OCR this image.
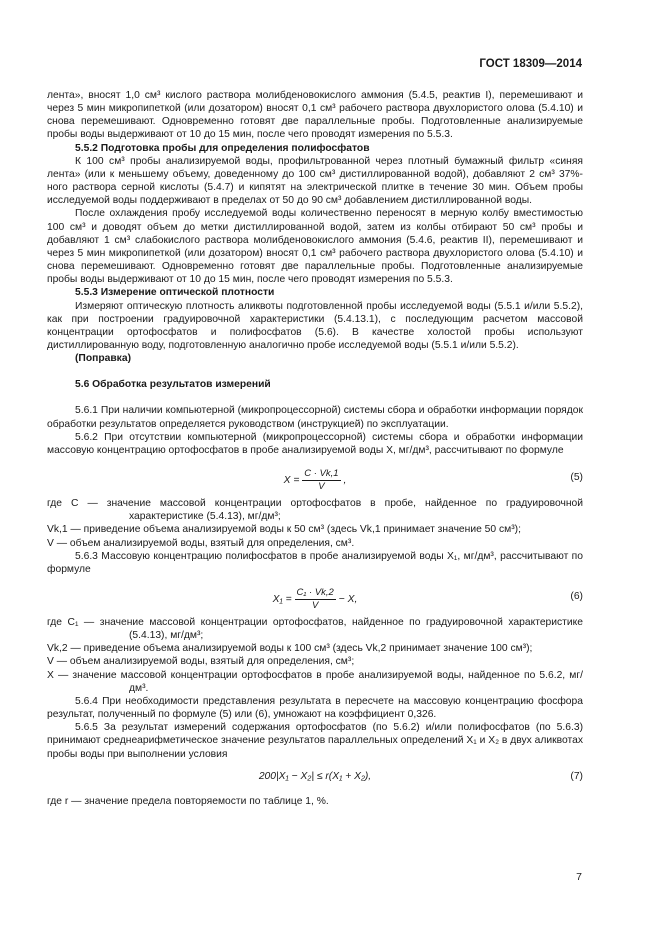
ГОСТ 18309—2014

лента», вносят 1,0 см³ кислого раствора молибденовокислого аммония (5.4.5, реактив I), перемешивают и через 5 мин микропипеткой (или дозатором) вносят 0,1 см³ рабочего раствора двухлористого олова (5.4.10) и снова перемешивают. Одновременно готовят две параллельные пробы. Подготовленные анализируемые пробы воды выдерживают от 10 до 15 мин, после чего проводят измерения по 5.5.3.

5.5.2 Подготовка пробы для определения полифосфатов

К 100 см³ пробы анализируемой воды, профильтрованной через плотный бумажный фильтр «синяя лента» (или к меньшему объему, доведенному до 100 см³ дистиллированной водой), добавляют 2 см³ 37%-ного раствора серной кислоты (5.4.7) и кипятят на электрической плитке в течение 30 мин. Объем пробы исследуемой воды поддерживают в пределах от 50 до 90 см³ добавлением дистиллированной воды.

После охлаждения пробу исследуемой воды количественно переносят в мерную колбу вместимостью 100 см³ и доводят объем до метки дистиллированной водой, затем из колбы отбирают 50 см³ пробы и добавляют 1 см³ слабокислого раствора молибденовокислого аммония (5.4.6, реактив II), перемешивают и через 5 мин микропипеткой (или дозатором) вносят 0,1 см³ рабочего раствора двухлористого олова (5.4.10) и снова перемешивают. Одновременно готовят две параллельные пробы. Подготовленные анализируемые пробы воды выдерживают от 10 до 15 мин, после чего проводят измерения по 5.5.3.

5.5.3 Измерение оптической плотности

Измеряют оптическую плотность аликвоты подготовленной пробы исследуемой воды (5.5.1 и/или 5.5.2), как при построении градуировочной характеристики (5.4.13.1), с последующим расчетом массовой концентрации ортофосфатов и полифосфатов (5.6). В качестве холостой пробы используют дистиллированную воду, подготовленную аналогично пробе исследуемой воды (5.5.1 и/или 5.5.2).

(Поправка)

5.6 Обработка результатов измерений

5.6.1 При наличии компьютерной (микропроцессорной) системы сбора и обработки информации порядок обработки результатов определяется руководством (инструкцией) по эксплуатации.

5.6.2 При отсутствии компьютерной (микропроцессорной) системы сбора и обработки информации массовую концентрацию ортофосфатов в пробе анализируемой воды X, мг/дм³, рассчитывают по формуле

$X = \frac{C \cdot Vk,1}{V}$ ,	(5)

где C — значение массовой концентрации ортофосфатов в пробе, найденное по градуировочной характеристике (5.4.13), мг/дм³;

Vk,1 — приведение объема анализируемой воды к 50 см³ (здесь Vk,1 принимает значение 50 см³);

V — объем анализируемой воды, взятый для определения, см³.

5.6.3 Массовую концентрацию полифосфатов в пробе анализируемой воды X₁, мг/дм³, рассчитывают по формуле

$X_1 = \frac{\text{C₁ · Vk,2}}{V} - X$,	(6)

где C₁ — значение массовой концентрации ортофосфатов, найденное по градуировочной характеристике (5.4.13), мг/дм³;

Vk,2 — приведение объема анализируемой воды к 100 см³ (здесь Vk,2 принимает значение 100 см³);

V — объем анализируемой воды, взятый для определения, см³;

X — значение массовой концентрации ортофосфатов в пробе анализируемой воды, найденное по 5.6.2, мг/дм³.

5.6.4 При необходимости представления результата в пересчете на массовую концентрацию фосфора результат, полученный по формуле (5) или (6), умножают на коэффициент 0,326.

5.6.5 За результат измерений содержания ортофосфатов (по 5.6.2) и/или полифосфатов (по 5.6.3) принимают среднеарифметическое значение результатов параллельных определений X₁ и X₂ в двух аликвотах пробы воды при выполнении условия

200|X₁ − X₂| ≤ r(X₁ + X₂),	(7)

где r — значение предела повторяемости по таблице 1, %.

7
